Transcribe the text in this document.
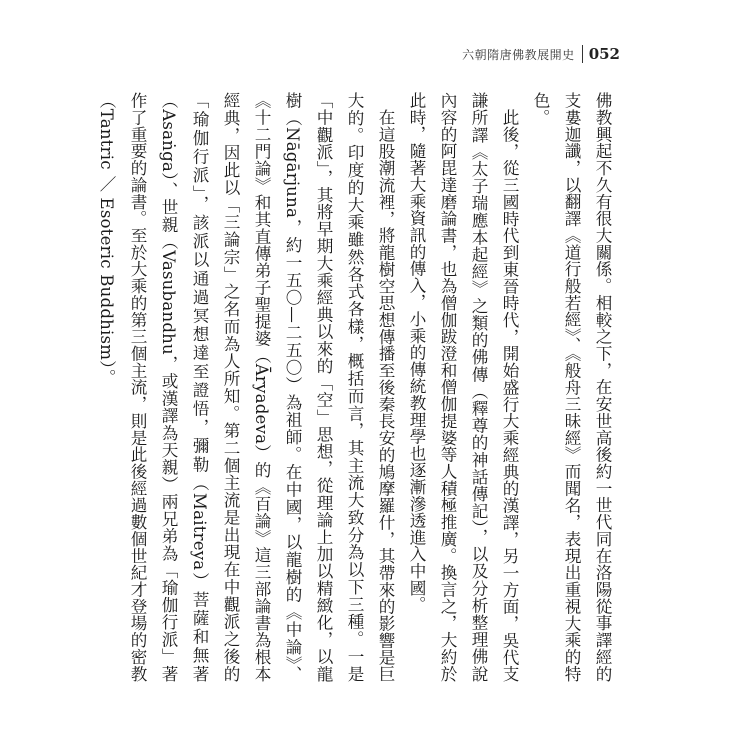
六朝隋唐佛教展開史 052

佛教興起不久有很大關係。相較之下，在安世高後約一世代同在洛陽從事譯經的支婁迦讖，以翻譯《道行般若經》、《般舟三昧經》而聞名，表現出重視大乘的特色。

此後，從三國時代到東晉時代，開始盛行大乘經典的漢譯，另一方面，吳代支謙所譯《太子瑞應本起經》之類的佛傳（釋尊的神話傳記），以及分析整理佛說內容的阿毘達磨論書，也為僧伽跋澄和僧伽提婆等人積極推廣。換言之，大約於此時，隨著大乘資訊的傳入，小乘的傳統教理學也逐漸滲透進入中國。

在這股潮流裡，將龍樹空思想傳播至後秦長安的鳩摩羅什，其帶來的影響是巨大的。印度的大乘雖然各式各樣，概括而言，其主流大致分為以下三種。一是「中觀派」，其將早期大乘經典以來的「空」思想，從理論上加以精緻化，以龍樹（Nāgārjuna，約一五〇—二五〇）為祖師。在中國，以龍樹的《中論》、《十二門論》和其直傳弟子聖提婆（Āryadeva）的《百論》這三部論書為根本經典，因此以「三論宗」之名而為人所知。第二個主流是出現在中觀派之後的「瑜伽行派」，該派以通過冥想達至證悟，彌勒（Maitreya）菩薩和無著（Asaṅga）、世親（Vasubandhu，或漢譯為天親）兩兄弟為「瑜伽行派」著作了重要的論書。至於大乘的第三個主流，則是此後經過數個世紀才登場的密教（Tantric ／ Esoteric Buddhism）。
